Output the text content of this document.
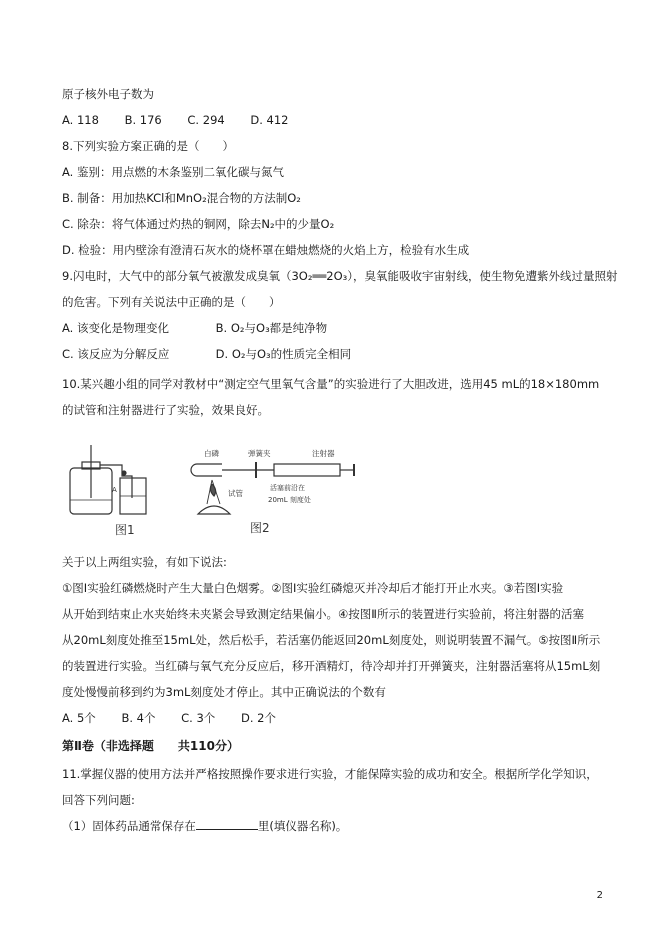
原子核外电子数为
A. 118 B. 176 C. 294 D. 412
8.下列实验方案正确的是（　　）
A. 鉴别：用点燃的木条鉴别二氧化碳与氮气
B. 制备：用加热KCl和MnO₂混合物的方法制O₂
C. 除杂：将气体通过灼热的铜网，除去N₂中的少量O₂
D. 检验：用内壁涂有澄清石灰水的烧杯罩在蜡烛燃烧的火焰上方，检验有水生成
9.闪电时，大气中的部分氧气被激发成臭氧（3O₂══2O₃），臭氧能吸收宇宙射线，使生物免遭紫外线过量照射
的危害。下列有关说法中正确的是（　　）
A. 该变化是物理变化	B. O₂与O₃都是纯净物
C. 该反应为分解反应	D. O₂与O₃的性质完全相同
10.某兴趣小组的同学对教材中“测定空气里氧气含量”的实验进行了大胆改进，选用45 mL的18×180mm
的试管和注射器进行了实验，效果良好。
A
图1
白磷	弹簧夹	注射器
试管
活塞前沿在
20mL 刻度处
图2
关于以上两组实验，有如下说法:
①图Ⅰ实验红磷燃烧时产生大量白色烟雾。②图Ⅰ实验红磷熄灭并冷却后才能打开止水夹。③若图Ⅰ实验
从开始到结束止水夹始终未夹紧会导致测定结果偏小。④按图Ⅱ所示的装置进行实验前，将注射器的活塞
从20mL刻度处推至15mL处，然后松手，若活塞仍能返回20mL刻度处，则说明装置不漏气。⑤按图Ⅱ所示
的装置进行实验。当红磷与氧气充分反应后，移开酒精灯，待冷却并打开弹簧夹，注射器活塞将从15mL刻
度处慢慢前移到约为3mL刻度处才停止。其中正确说法的个数有
A. 5个 B. 4个 C. 3个 D. 2个
第Ⅱ卷（非选择题　　共110分）
11.掌握仪器的使用方法并严格按照操作要求进行实验，才能保障实验的成功和安全。根据所学化学知识，
回答下列问题:
（1）固体药品通常保存在	里(填仪器名称)。
2
